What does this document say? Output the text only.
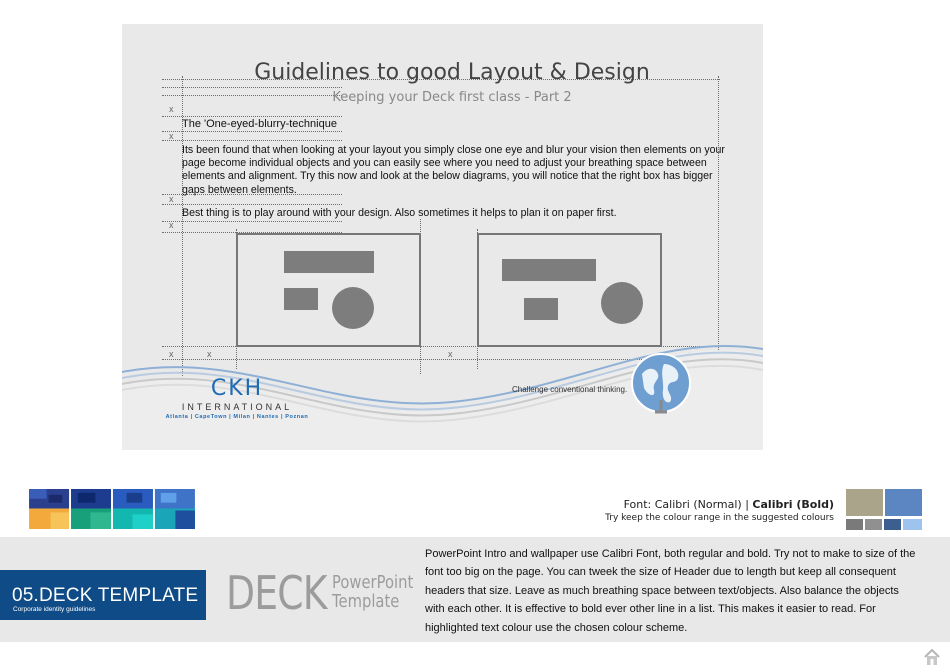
x
x
x
x
x	x	x
Guidelines to good Layout & Design
Keeping your Deck first class - Part 2
The 'One-eyed-blurry-technique
Its been found that when looking at your layout you simply close one eye and blur your vision then elements on your page become individual objects and you can easily see where you need to adjust your breathing space between elements and alignment. Try this now and look at the below diagrams, you will notice that the right box has bigger gaps between elements.
Best thing is to play around with your design. Also sometimes it helps to plan it on paper first.
CKH
INTERNATIONAL
Atlanta | CapeTown | Milan | Nantes | Poznan
Challenge conventional thinking.
Font: Calibri (Normal) | Calibri (Bold)
Try keep the colour range in the suggested colours
05.DECK TEMPLATE
Corporate identity guidelines	DECK PowerPoint
Template
PowerPoint Intro and wallpaper use Calibri Font, both regular and bold. Try not to make to size of the font too big on the page. You can tweek the size of Header due to length but keep all consequent headers that size. Leave as much breathing space between text/objects. Also balance the objects with each other. It is effective to bold ever other line in a list. This makes it easier to read. For highlighted text colour use the chosen colour scheme.
